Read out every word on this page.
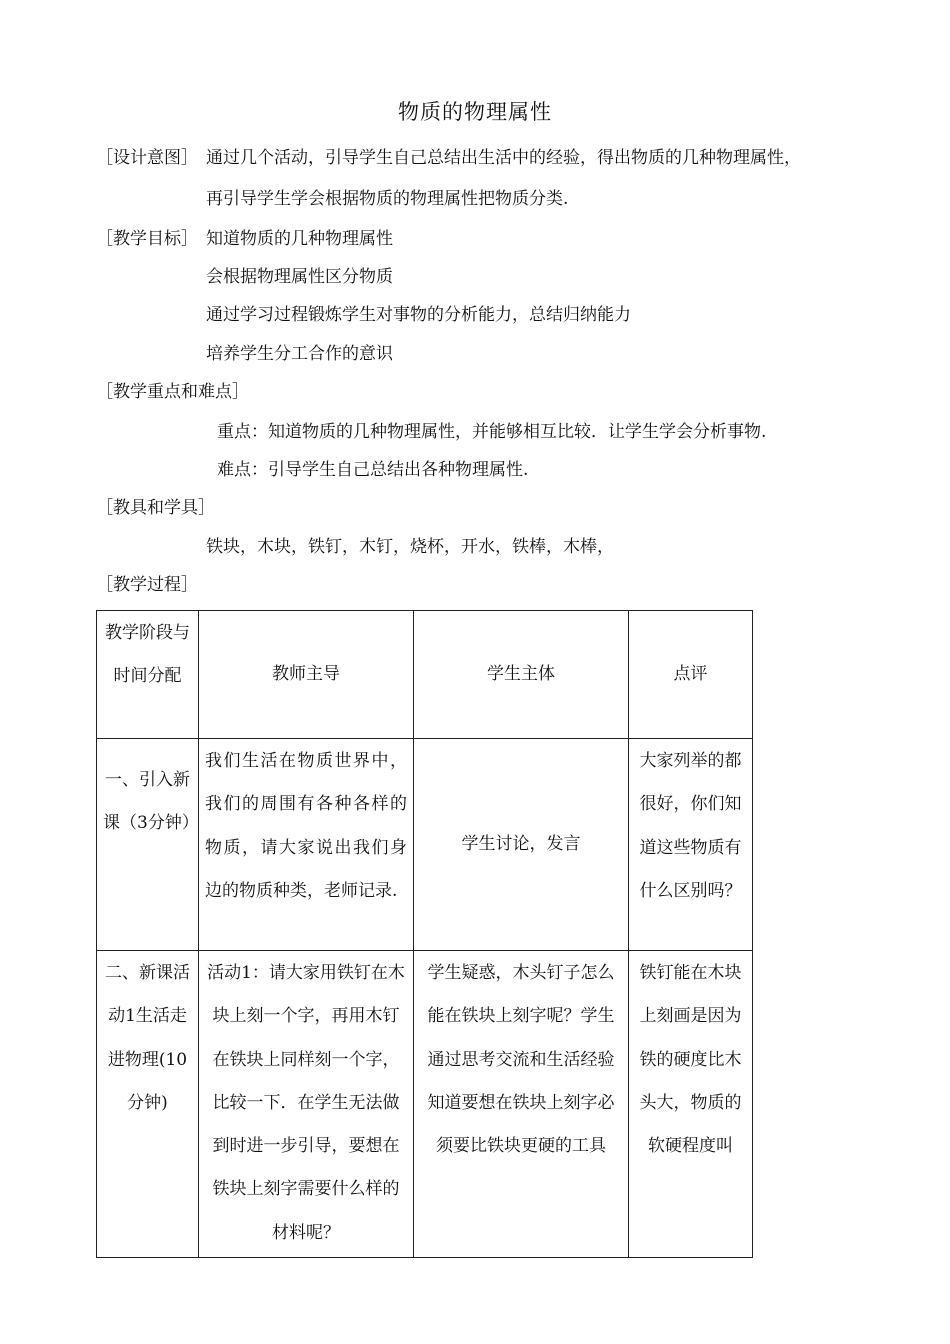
物质的物理属性
［设计意图］ 通过几个活动，引导学生自己总结出生活中的经验，得出物质的几种物理属性，
再引导学生学会根据物质的物理属性把物质分类.
［教学目标］ 知道物质的几种物理属性
会根据物理属性区分物质
通过学习过程锻炼学生对事物的分析能力，总结归纳能力
培养学生分工合作的意识
［教学重点和难点］
重点：知道物质的几种物理属性，并能够相互比较．让学生学会分析事物.
难点：引导学生自己总结出各种物理属性.
［教具和学具］
铁块，木块，铁钉，木钉，烧杯，开水，铁棒，木棒，
［教学过程］
教学阶段与时间分配	教师主导	学生主体	点评
一、引入新课（3分钟）	我们生活在物质世界中，我们的周围有各种各样的物质，请大家说出我们身边的物质种类，老师记录.	学生讨论，发言	大家列举的都很好，你们知道这些物质有什么区别吗？
二、新课活动1生活走进物理(10分钟)	活动1：请大家用铁钉在木块上刻一个字，再用木钉在铁块上同样刻一个字，比较一下．在学生无法做到时进一步引导，要想在铁块上刻字需要什么样的材料呢？	学生疑惑，木头钉子怎么能在铁块上刻字呢？学生通过思考交流和生活经验知道要想在铁块上刻字必须要比铁块更硬的工具	铁钉能在木块上刻画是因为铁的硬度比木头大，物质的软硬程度叫
